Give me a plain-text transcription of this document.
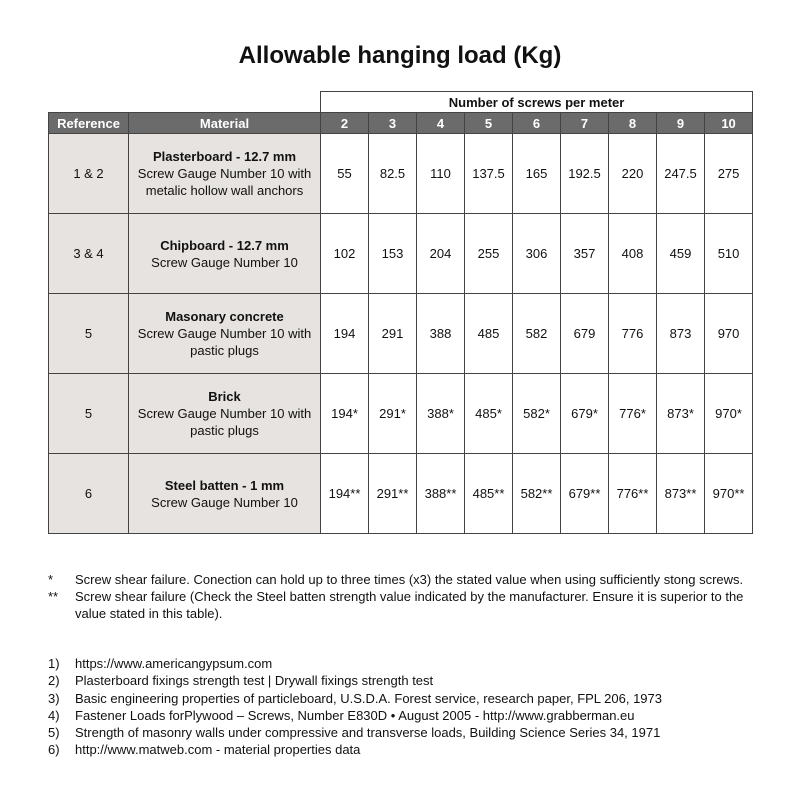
Allowable hanging load (Kg)
		Number of screws per meter								
Reference	Material	2	3	4	5	6	7	8	9	10
1 & 2	Plasterboard - 12.7 mm
Screw Gauge Number 10 with metalic hollow wall anchors	55	82.5	110	137.5	165	192.5	220	247.5	275
3 & 4	Chipboard - 12.7 mm
Screw Gauge Number 10	102	153	204	255	306	357	408	459	510
5	Masonary concrete
Screw Gauge Number 10 with pastic plugs	194	291	388	485	582	679	776	873	970
5	Brick
Screw Gauge Number 10 with pastic plugs	194*	291*	388*	485*	582*	679*	776*	873*	970*
6	Steel batten - 1 mm
Screw Gauge Number 10	194**	291**	388**	485**	582**	679**	776**	873**	970**
*	Screw shear failure. Conection can hold up to three times (x3) the stated value when using sufficiently stong screws.
**	Screw shear failure (Check the Steel batten strength value indicated by the manufacturer. Ensure it is superior to the value stated in this table).
1)	https://www.americangypsum.com
2)	Plasterboard fixings strength test | Drywall fixings strength test
3)	Basic engineering properties of particleboard, U.S.D.A. Forest service, research paper, FPL 206, 1973
4)	Fastener Loads forPlywood – Screws, Number E830D • August 2005 - http://www.grabberman.eu
5)	Strength of masonry walls under compressive and transverse loads, Building Science Series 34, 1971
6)	http://www.matweb.com - material properties data
